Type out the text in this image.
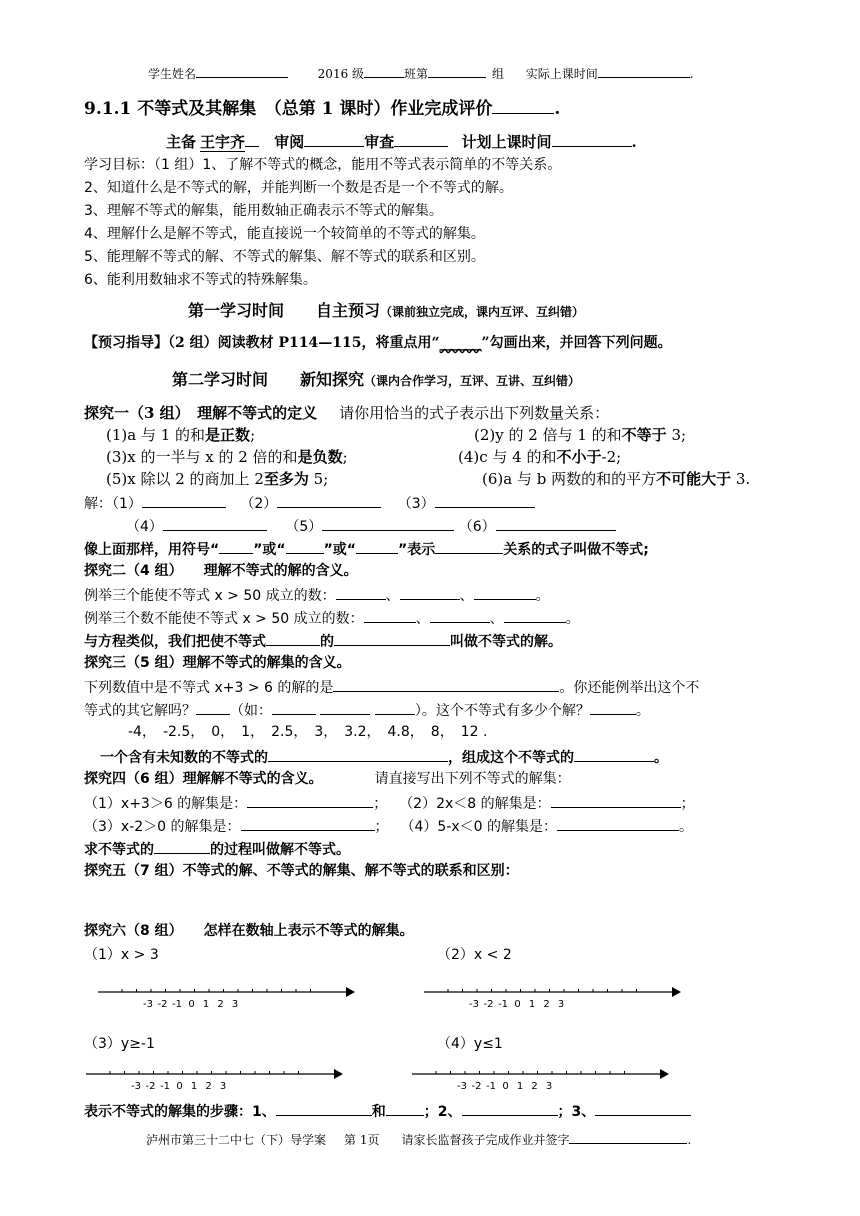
学生姓名	2016 级	班第	组 实际上课时间	.
9.1.1 不等式及其解集　（总第 1 课时）作业完成评价	.
主备 王宇齐 审阅	审查	计划上课时间	.
学习目标：（1 组）1、了解不等式的概念，能用不等式表示简单的不等关系。
2、知道什么是不等式的解，并能判断一个数是否是一个不等式的解。
3、理解不等式的解集，能用数轴正确表示不等式的解集。
4、理解什么是解不等式，能直接说一个较简单的不等式的解集。
5、能理解不等式的解、不等式的解集、解不等式的联系和区别。
6、能利用数轴求不等式的特殊解集。
第一学习时间　　自主预习（课前独立完成，课内互评、互纠错）
【预习指导】（2 组）阅读教材 P114—115，将重点用“______”勾画出来，并回答下列问题。
第二学习时间　　新知探究（课内合作学习，互评、互讲、互纠错）
探究一（3 组）　理解不等式的定义 请你用恰当的式子表示出下列数量关系：
(1)a 与 1 的和是正数;	(2)y 的 2 倍与 1 的和不等于 3;
(3)x 的一半与 x 的 2 倍的和是负数;	(4)c 与 4 的和不小于-2;
(5)x 除以 2 的商加上 2至多为 5;	(6)a 与 b 两数的和的平方不可能大于 3.
解：（1）	（2）	（3）
（4）	（5）	（6）
像上面那样，用符号“ ”或“	”或“	”表示	关系的式子叫做不等式;
探究二（4 组）　　理解不等式的解的含义。
例举三个能使不等式 x > 50 成立的数：	、	、	。
例举三个数不能使不等式 x > 50 成立的数：	、	、	。
与方程类似，我们把使不等式	的	叫做不等式的解。
探究三（5 组）理解不等式的解集的含义。
下列数值中是不等式 x+3 > 6 的解的是	。你还能例举出这个不
等式的其它解吗？ （如：	）。这个不等式有多少个解？	。
-4，　-2.5，　0，　1，　2.5，　3，　3.2，　4.8，　8，　12 .
一个含有未知数的不等式的	，组成这个不等式的	。
探究四（6 组）理解解不等式的含义。	请直接写出下列不等式的解集：
（1）x+3＞6 的解集是：	； （2）2x＜8 的解集是：	；
（3）x-2＞0 的解集是：	； （4）5-x＜0 的解集是：	。
求不等式的	的过程叫做解不等式。
探究五（7 组）不等式的解、不等式的解集、解不等式的联系和区别：
探究六（8 组）　　怎样在数轴上表示不等式的解集。
（1）x > 3	（2）x < 2
-3 -2 -1 0 1 2 3	-3 -2 -1 0 1 2 3
（3）y≥-1	（4）y≤1
-3 -2 -1 0 1 2 3	-3 -2 -1 0 1 2 3
表示不等式的解集的步骤：1、	和	；2、	；3、
泸州市第三十二中七（下）导学案 第 1页 请家长监督孩子完成作业并签字	.
